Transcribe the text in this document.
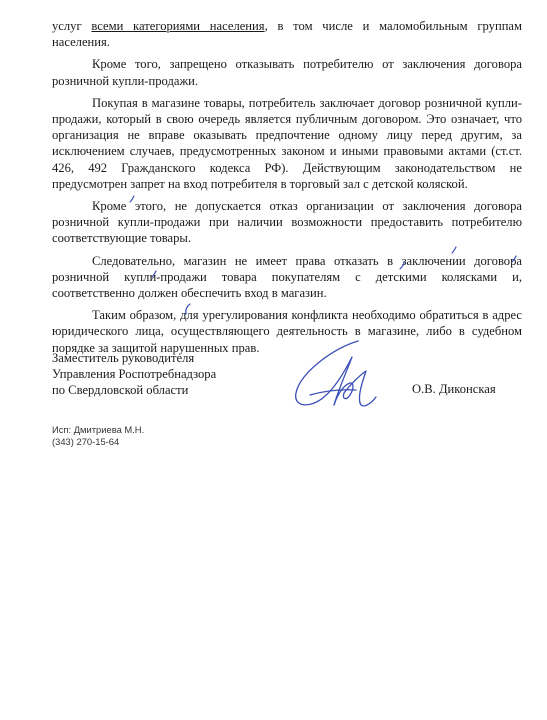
услуг всеми категориями населения, в том числе и маломобильным группам населения.

Кроме того, запрещено отказывать потребителю от заключения договора розничной купли-продажи.

Покупая в магазине товары, потребитель заключает договор розничной купли-продажи, который в свою очередь является публичным договором. Это означает, что организация не вправе оказывать предпочтение одному лицу перед другим, за исключением случаев, предусмотренных законом и иными правовыми актами (ст.ст. 426, 492 Гражданского кодекса РФ). Действующим законодательством не предусмотрен запрет на вход потребителя в торговый зал с детской коляской.

Кроме этого, не допускается отказ организации от заключения договора розничной купли-продажи при наличии возможности предоставить потребителю соответствующие товары.

Следовательно, магазин не имеет права отказать в заключении договора розничной купли-продажи товара покупателям с детскими колясками и, соответственно должен обеспечить вход в магазин.

Таким образом, для урегулирования конфликта необходимо обратиться в адрес юридического лица, осуществляющего деятельность в магазине, либо в судебном порядке за защитой нарушенных прав.

Заместитель руководителя
Управления Роспотребнадзора
по Свердловской области	О.В. Диконская
Исп: Дмитриева М.Н.
(343) 270-15-64
